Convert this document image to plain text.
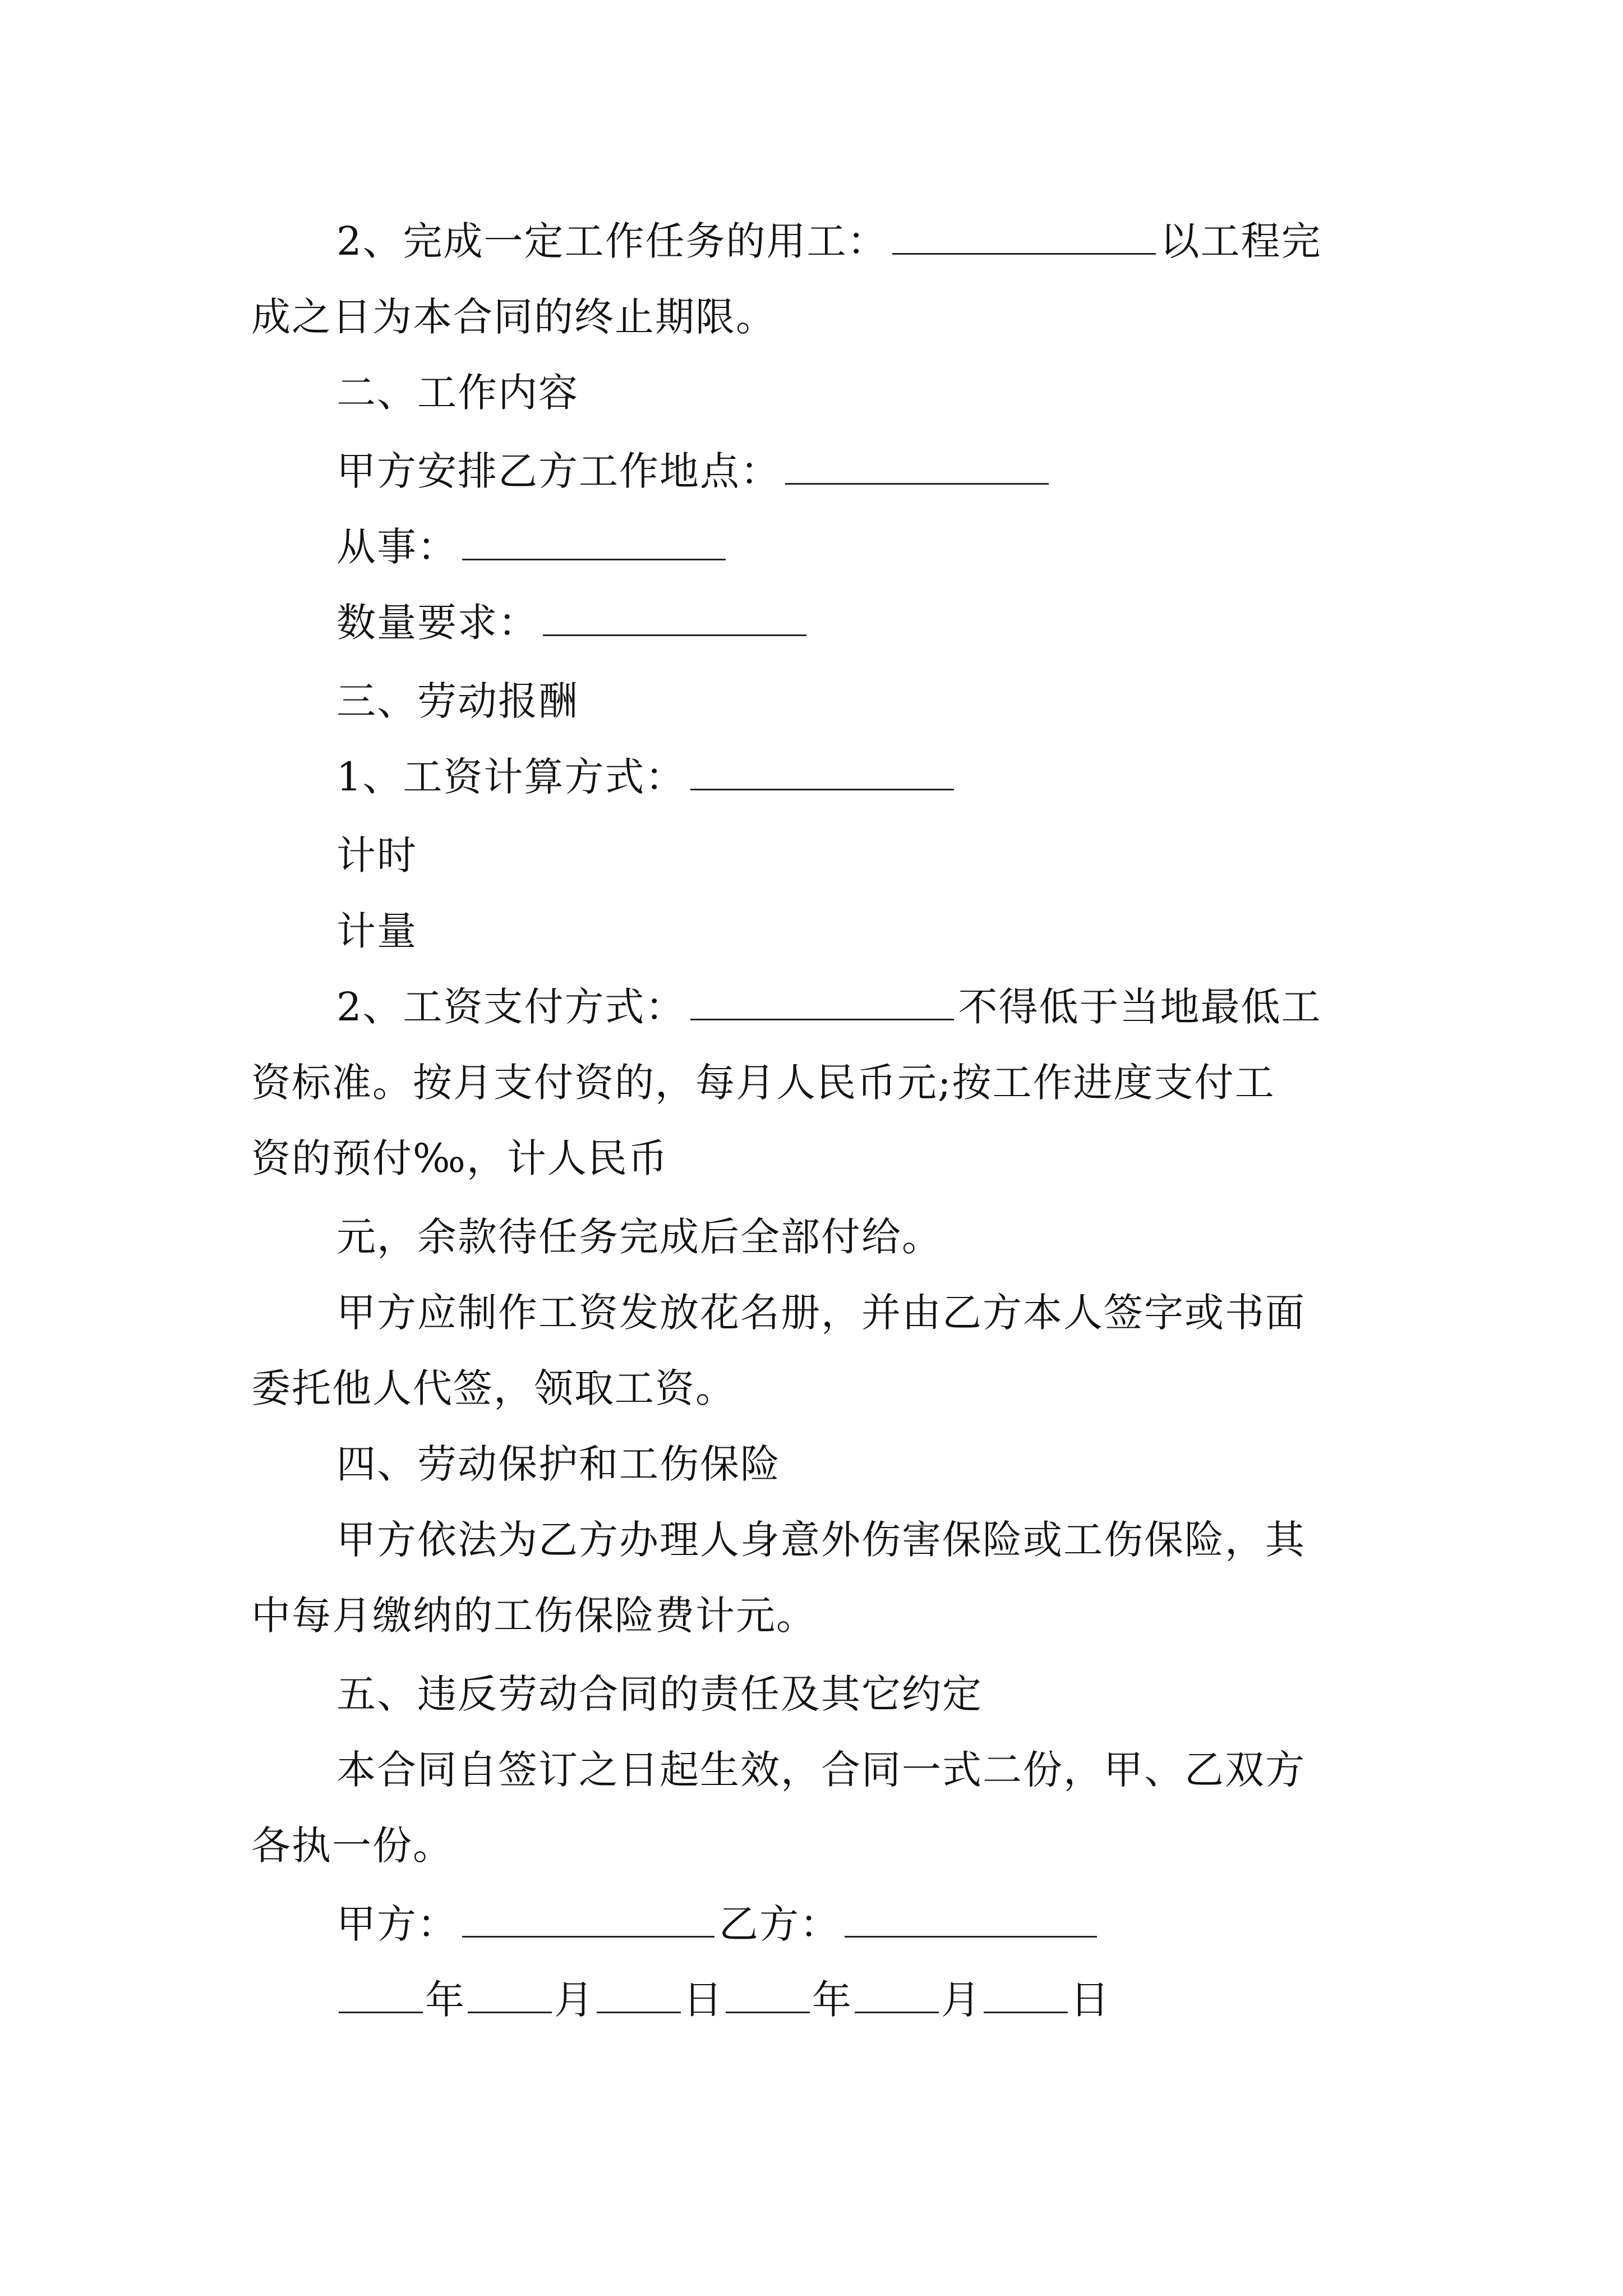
2、完成一定工作任务的用工：	以工程完
成之日为本合同的终止期限。
二、工作内容
甲方安排乙方工作地点：
从事：
数量要求：
三、劳动报酬
1、工资计算方式：
计时
计量
2、工资支付方式：	不得低于当地最低工
资标准。按月支付资的，每月人民币元;按工作进度支付工
资的预付‰，计人民币
元，余款待任务完成后全部付给。
甲方应制作工资发放花名册，并由乙方本人签字或书面
委托他人代签，领取工资。
四、劳动保护和工伤保险
甲方依法为乙方办理人身意外伤害保险或工伤保险，其
中每月缴纳的工伤保险费计元。
五、违反劳动合同的责任及其它约定
本合同自签订之日起生效，合同一式二份，甲、乙双方
各执一份。
甲方：	乙方：
年 月 日 年 月 日
